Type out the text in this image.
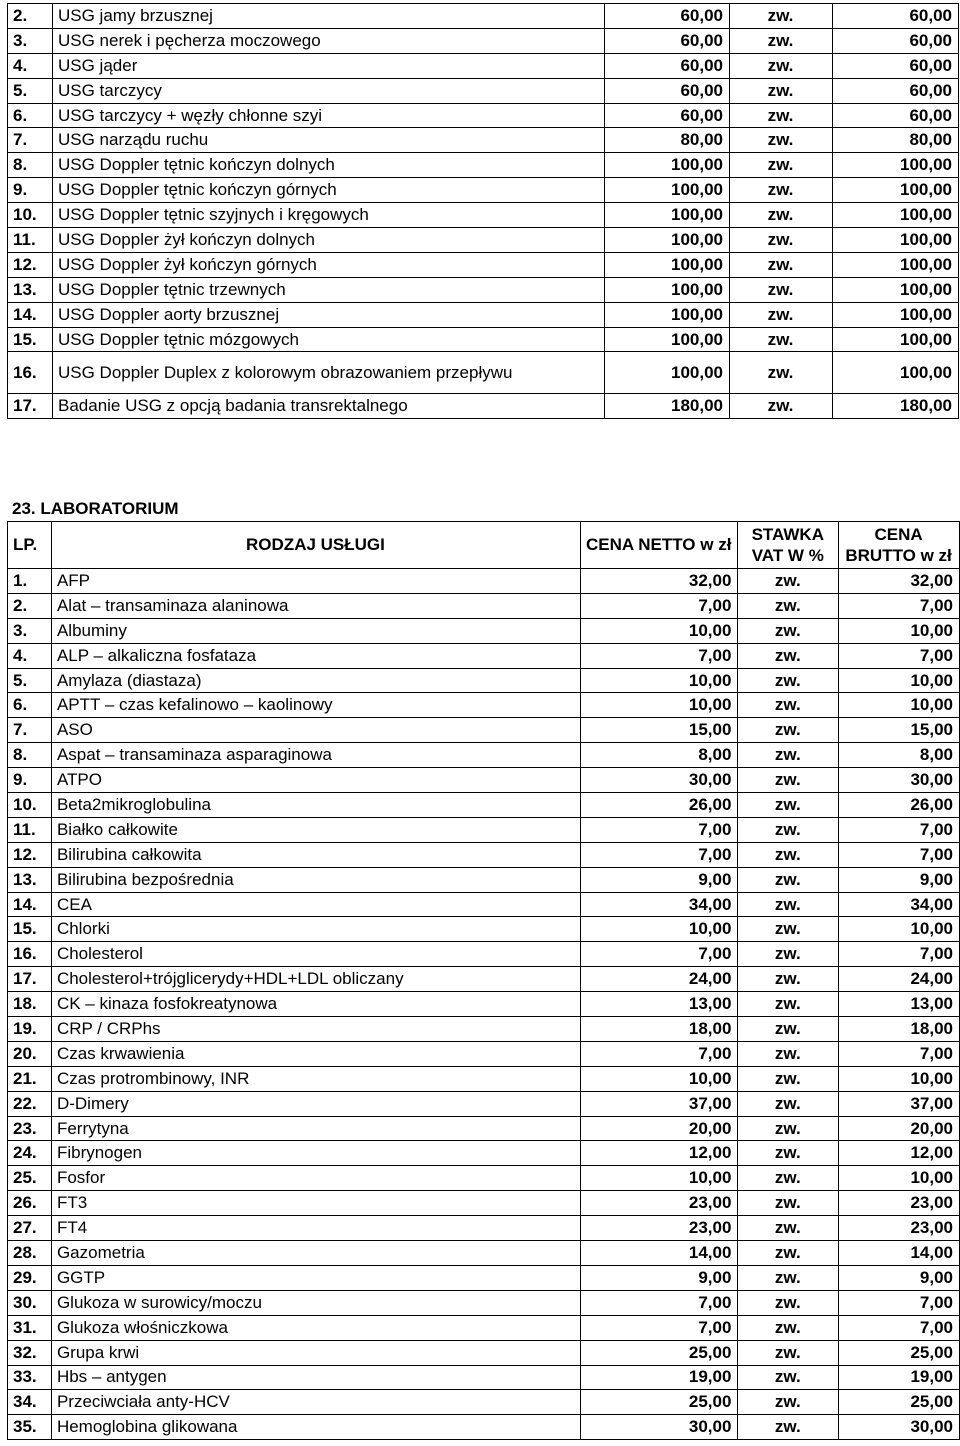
2.	USG jamy brzusznej	60,00	zw.	60,00
3.	USG nerek i pęcherza moczowego	60,00	zw.	60,00
4.	USG jąder	60,00	zw.	60,00
5.	USG tarczycy	60,00	zw.	60,00
6.	USG tarczycy + węzły chłonne szyi	60,00	zw.	60,00
7.	USG narządu ruchu	80,00	zw.	80,00
8.	USG Doppler tętnic kończyn dolnych	100,00	zw.	100,00
9.	USG Doppler tętnic kończyn górnych	100,00	zw.	100,00
10.	USG Doppler tętnic szyjnych i kręgowych	100,00	zw.	100,00
11.	USG Doppler żył kończyn dolnych	100,00	zw.	100,00
12.	USG Doppler żył kończyn górnych	100,00	zw.	100,00
13.	USG Doppler tętnic trzewnych	100,00	zw.	100,00
14.	USG Doppler aorty brzusznej	100,00	zw.	100,00
15.	USG Doppler tętnic mózgowych	100,00	zw.	100,00
16.	USG Doppler Duplex z kolorowym obrazowaniem przepływu	100,00	zw.	100,00
17.	Badanie USG z opcją badania transrektalnego	180,00	zw.	180,00
23. LABORATORIUM
LP.	RODZAJ USŁUGI	CENA NETTO w zł	STAWKA VAT W %	CENA BRUTTO w zł
1.	AFP	32,00	zw.	32,00
2.	Alat – transaminaza alaninowa	7,00	zw.	7,00
3.	Albuminy	10,00	zw.	10,00
4.	ALP – alkaliczna fosfataza	7,00	zw.	7,00
5.	Amylaza (diastaza)	10,00	zw.	10,00
6.	APTT – czas kefalinowo – kaolinowy	10,00	zw.	10,00
7.	ASO	15,00	zw.	15,00
8.	Aspat – transaminaza asparaginowa	8,00	zw.	8,00
9.	ATPO	30,00	zw.	30,00
10.	Beta2mikroglobulina	26,00	zw.	26,00
11.	Białko całkowite	7,00	zw.	7,00
12.	Bilirubina całkowita	7,00	zw.	7,00
13.	Bilirubina bezpośrednia	9,00	zw.	9,00
14.	CEA	34,00	zw.	34,00
15.	Chlorki	10,00	zw.	10,00
16.	Cholesterol	7,00	zw.	7,00
17.	Cholesterol+trójglicerydy+HDL+LDL obliczany	24,00	zw.	24,00
18.	CK – kinaza fosfokreatynowa	13,00	zw.	13,00
19.	CRP / CRPhs	18,00	zw.	18,00
20.	Czas krwawienia	7,00	zw.	7,00
21.	Czas protrombinowy, INR	10,00	zw.	10,00
22.	D-Dimery	37,00	zw.	37,00
23.	Ferrytyna	20,00	zw.	20,00
24.	Fibrynogen	12,00	zw.	12,00
25.	Fosfor	10,00	zw.	10,00
26.	FT3	23,00	zw.	23,00
27.	FT4	23,00	zw.	23,00
28.	Gazometria	14,00	zw.	14,00
29.	GGTP	9,00	zw.	9,00
30.	Glukoza w surowicy/moczu	7,00	zw.	7,00
31.	Glukoza włośniczkowa	7,00	zw.	7,00
32.	Grupa krwi	25,00	zw.	25,00
33.	Hbs – antygen	19,00	zw.	19,00
34.	Przeciwciała anty-HCV	25,00	zw.	25,00
35.	Hemoglobina glikowana	30,00	zw.	30,00
